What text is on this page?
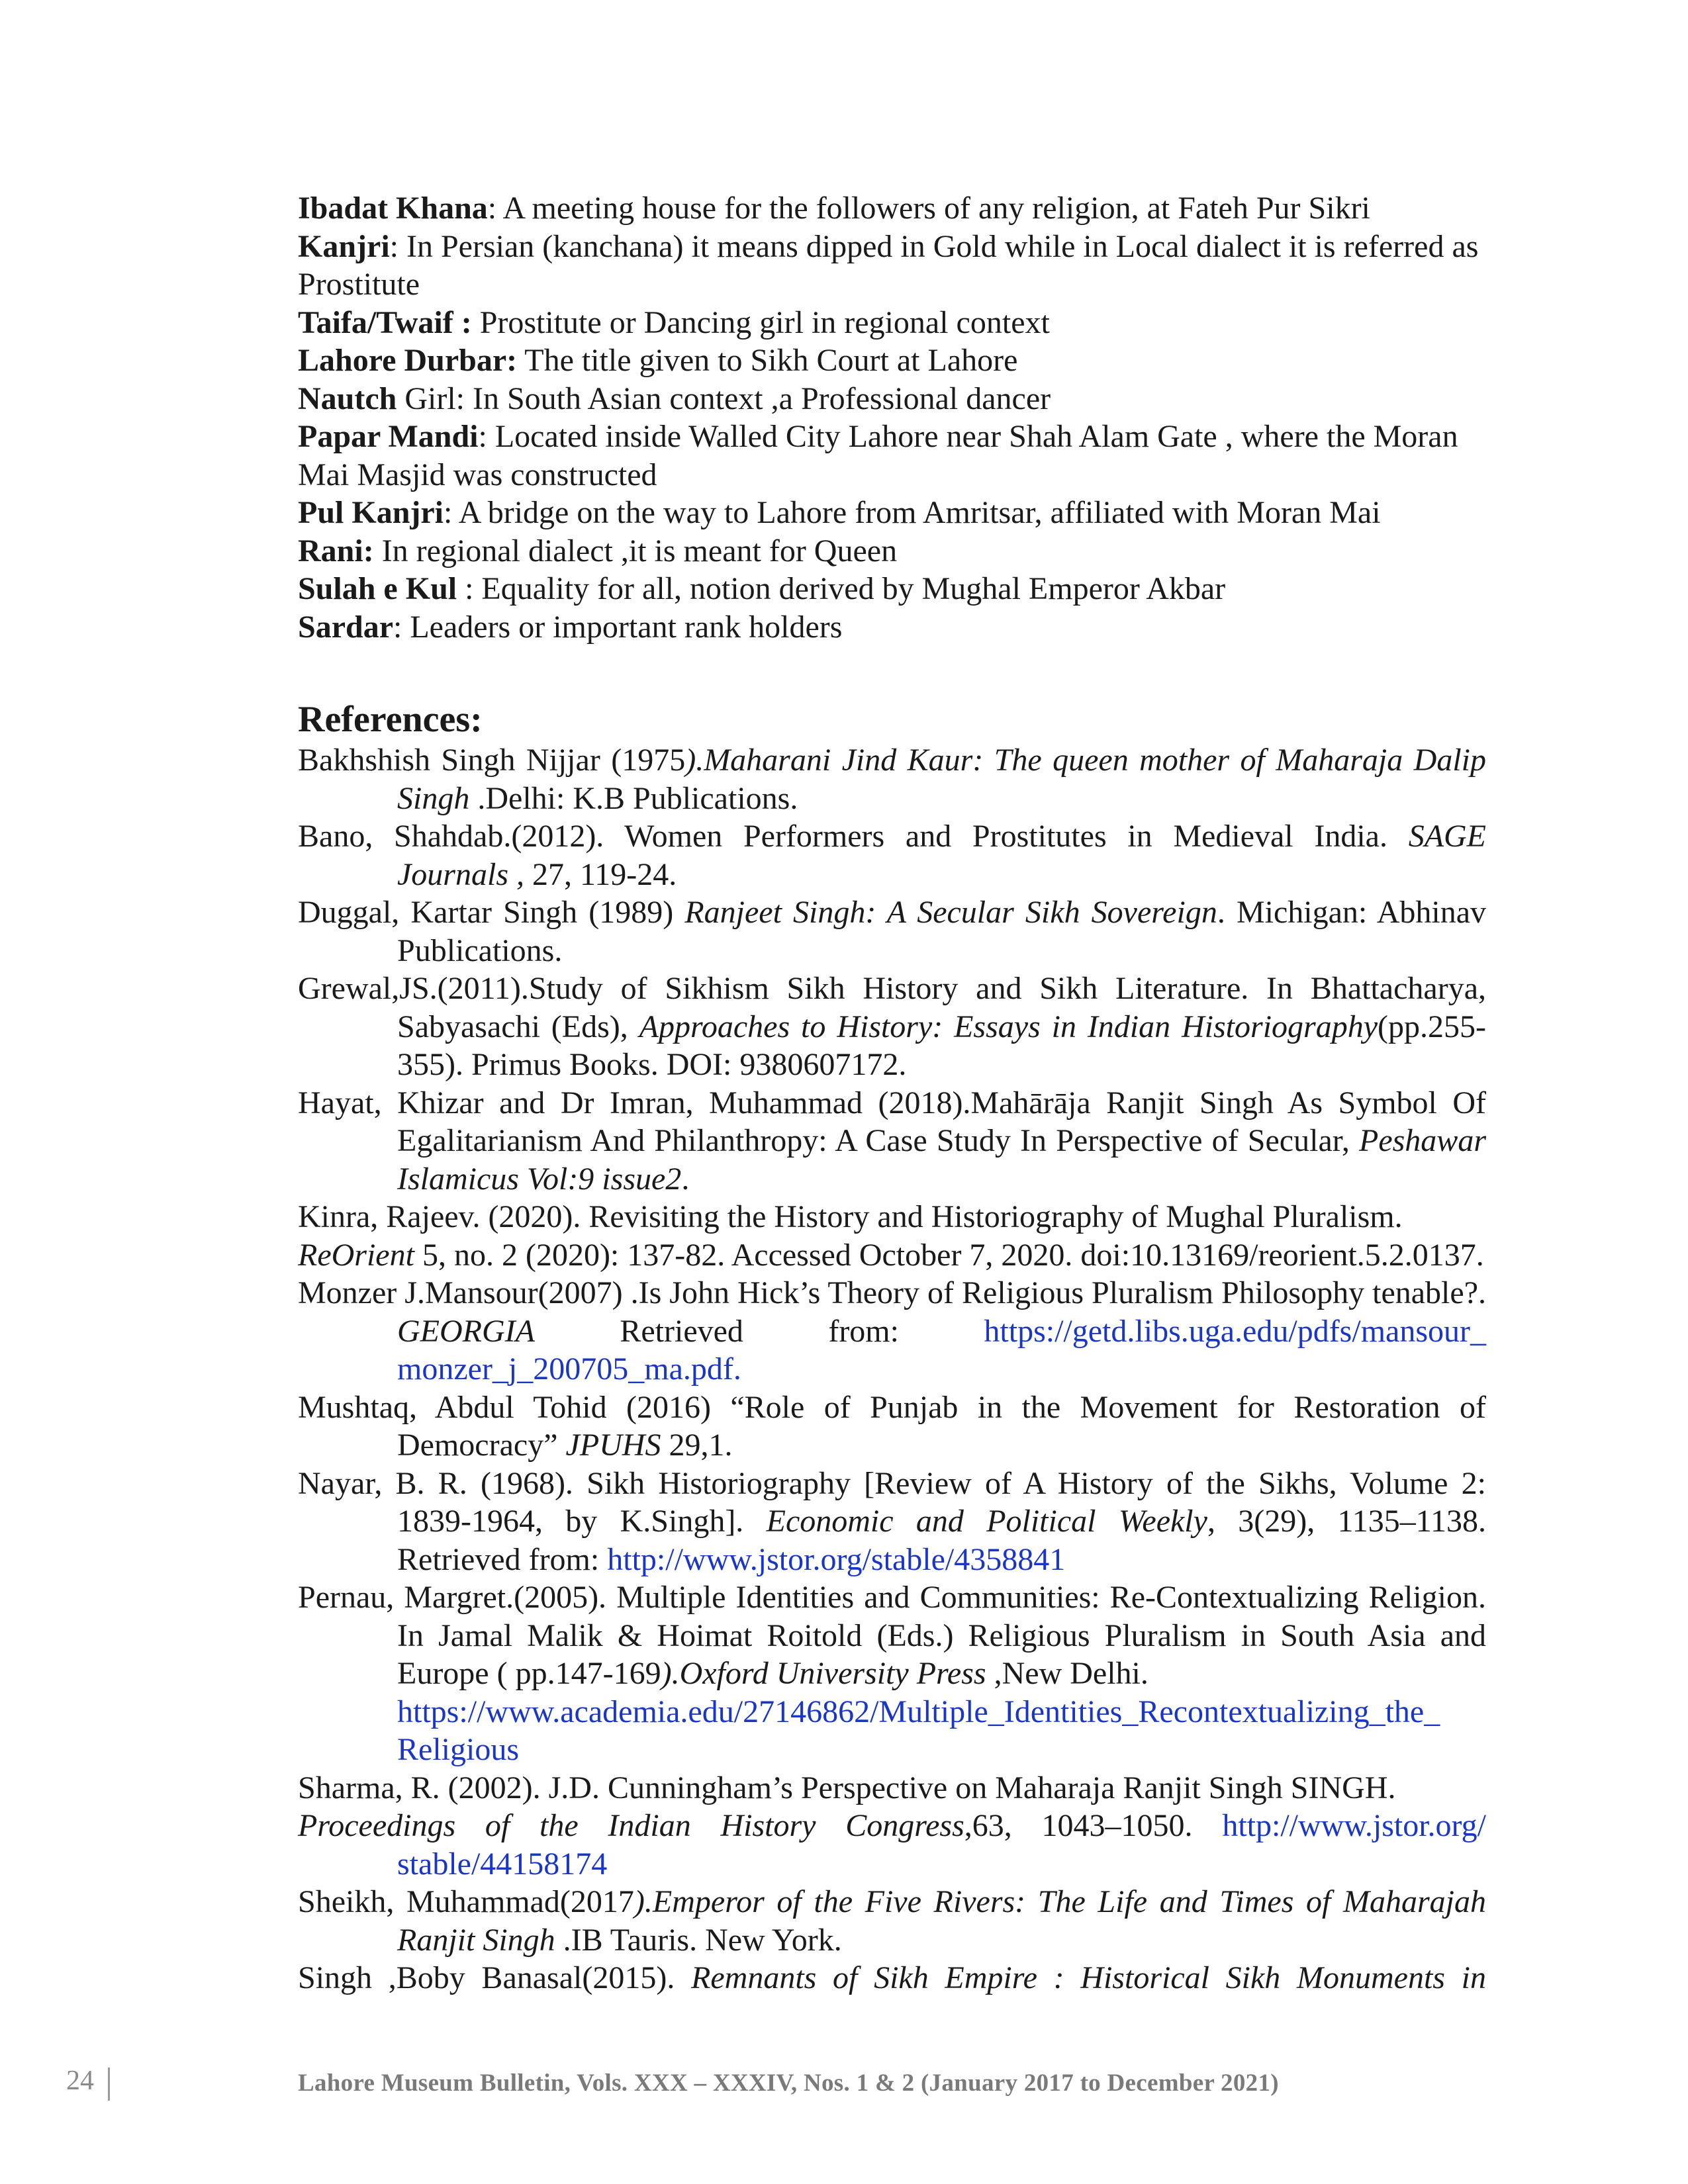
Ibadat Khana: A meeting house for the followers of any religion, at Fateh Pur Sikri

Kanjri: In Persian (kanchana) it means dipped in Gold while in Local dialect it is referred as Prostitute

Taifa/Twaif : Prostitute or Dancing girl in regional context

Lahore Durbar: The title given to Sikh Court at Lahore

Nautch Girl: In South Asian context ,a Professional dancer

Papar Mandi: Located inside Walled City Lahore near Shah Alam Gate , where the Moran Mai Masjid was constructed

Pul Kanjri: A bridge on the way to Lahore from Amritsar, affiliated with Moran Mai

Rani: In regional dialect ,it is meant for Queen

Sulah e Kul : Equality for all, notion derived by Mughal Emperor Akbar

Sardar: Leaders or important rank holders

References:

Bakhshish Singh Nijjar (1975).Maharani Jind Kaur: The queen mother of Maharaja Dalip Singh .Delhi: K.B Publications.

Bano, Shahdab.(2012). Women Performers and Prostitutes in Medieval India. SAGE Journals , 27, 119-24.

Duggal, Kartar Singh (1989) Ranjeet Singh: A Secular Sikh Sovereign. Michigan: Abhinav Publications.

Grewal,JS.(2011).Study of Sikhism Sikh History and Sikh Literature. In Bhattacharya, Sabyasachi (Eds), Approaches to History: Essays in Indian Historiography(pp.255-355). Primus Books. DOI: 9380607172.

Hayat, Khizar and Dr Imran, Muhammad (2018).Mahārāja Ranjit Singh As Symbol Of Egalitarianism And Philanthropy: A Case Study In Perspective of Secular, Peshawar Islamicus Vol:9 issue2.

Kinra, Rajeev. (2020). Revisiting the History and Historiography of Mughal Pluralism.

ReOrient 5, no. 2 (2020): 137-82. Accessed October 7, 2020. doi:10.13169/reorient.5.2.0137.

Monzer J.Mansour(2007) .Is John Hick’s Theory of Religious Pluralism Philosophy tenable?. GEORGIA Retrieved from: https://getd.libs.uga.edu/pdfs/mansour_ monzer_j_200705_ma.pdf.

Mushtaq, Abdul Tohid (2016) “Role of Punjab in the Movement for Restoration of Democracy” JPUHS 29,1.

Nayar, B. R. (1968). Sikh Historiography [Review of A History of the Sikhs, Volume 2: 1839-1964, by K.Singh]. Economic and Political Weekly, 3(29), 1135–1138. Retrieved from: http://www.jstor.org/stable/4358841

Pernau, Margret.(2005). Multiple Identities and Communities: Re-Contextualizing Religion. In Jamal Malik & Hoimat Roitold (Eds.) Religious Pluralism in South Asia and Europe ( pp.147-169).Oxford University Press ,New Delhi.

https://www.academia.edu/27146862/Multiple_Identities_Recontextualizing_the_ Religious

Sharma, R. (2002). J.D. Cunningham’s Perspective on Maharaja Ranjit Singh SINGH.

Proceedings of the Indian History Congress,63, 1043–1050. http://www.jstor.org/ stable/44158174

Sheikh, Muhammad(2017).Emperor of the Five Rivers: The Life and Times of Maharajah Ranjit Singh .IB Tauris. New York.

Singh ,Boby Banasal(2015). Remnants of Sikh Empire : Historical Sikh Monuments in

24	Lahore Museum Bulletin, Vols. XXX – XXXIV, Nos. 1 & 2 (January 2017 to December 2021)
